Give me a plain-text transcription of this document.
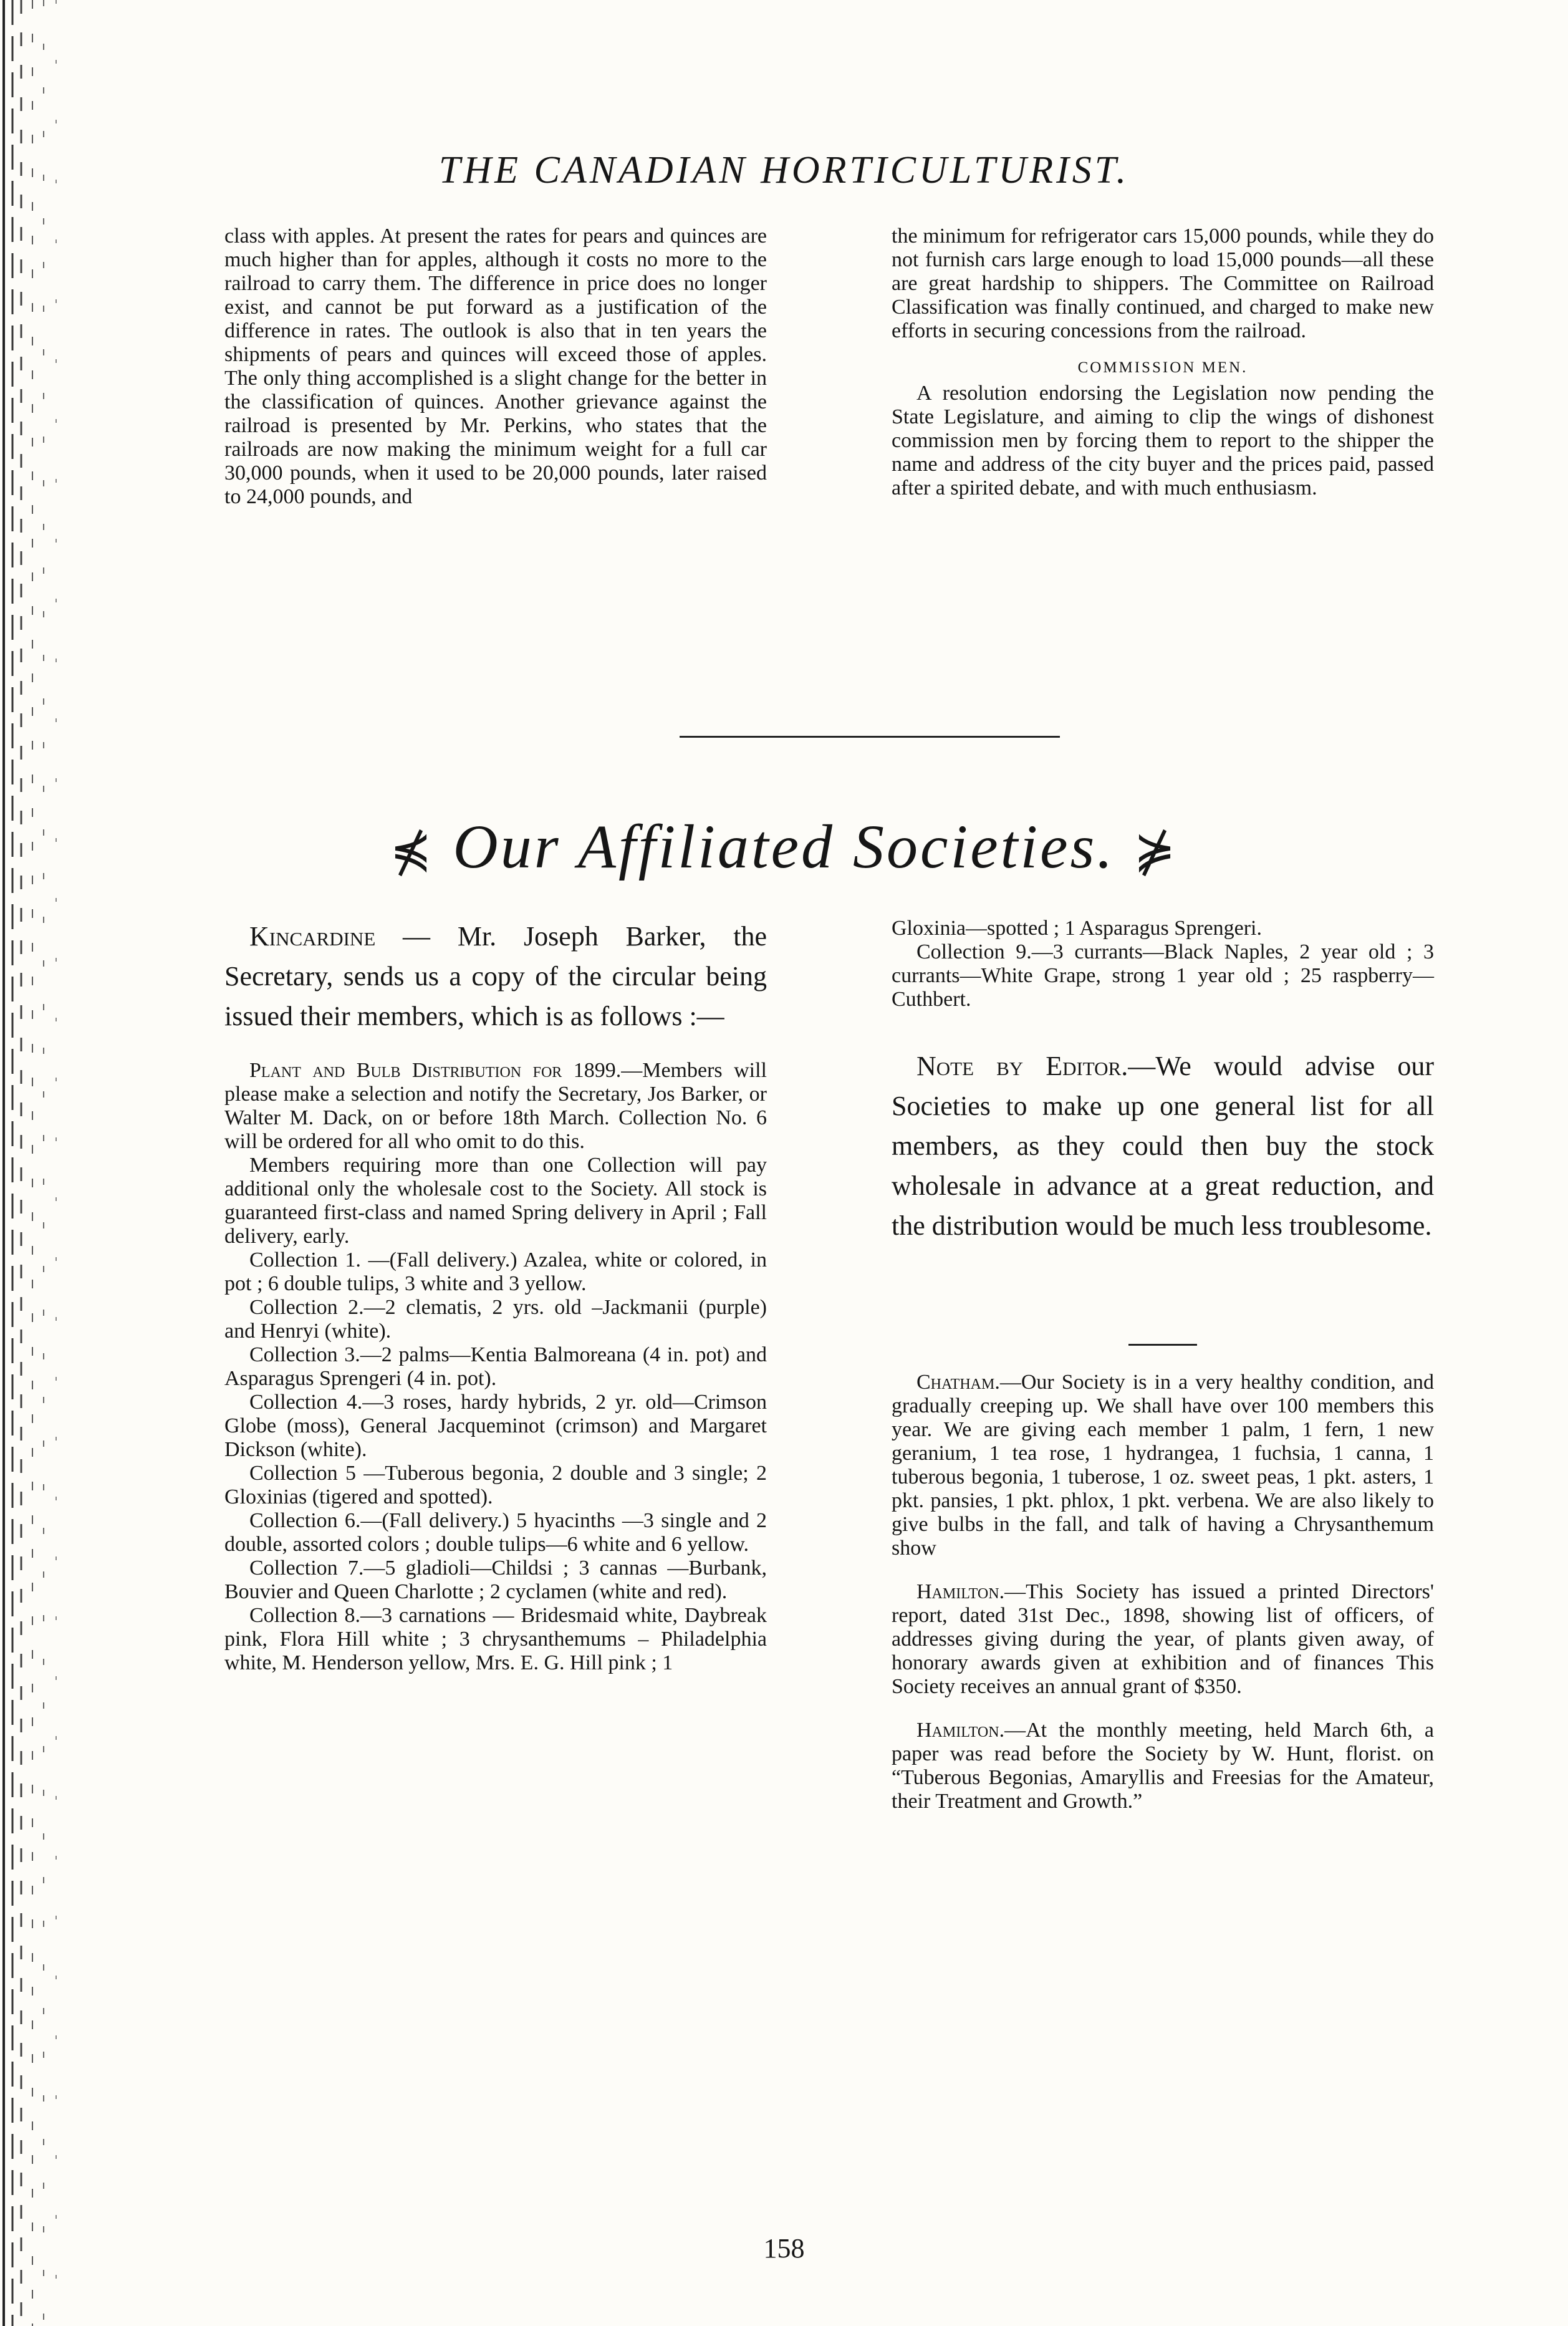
THE CANADIAN HORTICULTURIST.

class with apples. At present the rates for pears and quinces are much higher than for apples, although it costs no more to the railroad to carry them. The difference in price does no longer exist, and cannot be put forward as a justification of the difference in rates. The outlook is also that in ten years the shipments of pears and quinces will exceed those of apples. The only thing accomplished is a slight change for the better in the classification of quinces. Another grievance against the railroad is presented by Mr. Perkins, who states that the railroads are now making the minimum weight for a full car 30,000 pounds, when it used to be 20,000 pounds, later raised to 24,000 pounds, and

the minimum for refrigerator cars 15,000 pounds, while they do not furnish cars large enough to load 15,000 pounds—all these are great hardship to shippers. The Committee on Railroad Classification was finally continued, and charged to make new efforts in securing concessions from the railroad.

COMMISSION MEN.

A resolution endorsing the Legislation now pending the State Legislature, and aiming to clip the wings of dishonest commission men by forcing them to report to the shipper the name and address of the city buyer and the prices paid, passed after a spirited debate, and with much enthusiasm.

⋠ Our Affiliated Societies. ⋡

Kincardine — Mr. Joseph Barker, the Secretary, sends us a copy of the circular being issued their members, which is as follows :—

Plant and Bulb Distribution for 1899.—Members will please make a selection and notify the Secretary, Jos Barker, or Walter M. Dack, on or before 18th March. Collection No. 6 will be ordered for all who omit to do this.

Members requiring more than one Collection will pay additional only the wholesale cost to the Society. All stock is guaranteed first-class and named Spring delivery in April ; Fall delivery, early.

Collection 1. —(Fall delivery.) Azalea, white or colored, in pot ; 6 double tulips, 3 white and 3 yellow.

Collection 2.—2 clematis, 2 yrs. old –Jackmanii (purple) and Henryi (white).

Collection 3.—2 palms—Kentia Balmoreana (4 in. pot) and Asparagus Sprengeri (4 in. pot).

Collection 4.—3 roses, hardy hybrids, 2 yr. old—Crimson Globe (moss), General Jacqueminot (crimson) and Margaret Dickson (white).

Collection 5 —Tuberous begonia, 2 double and 3 single; 2 Gloxinias (tigered and spotted).

Collection 6.—(Fall delivery.) 5 hyacinths —3 single and 2 double, assorted colors ; double tulips—6 white and 6 yellow.

Collection 7.—5 gladioli—Childsi ; 3 cannas —Burbank, Bouvier and Queen Charlotte ; 2 cyclamen (white and red).

Collection 8.—3 carnations — Bridesmaid white, Daybreak pink, Flora Hill white ; 3 chrysanthemums – Philadelphia white, M. Henderson yellow, Mrs. E. G. Hill pink ; 1

Gloxinia—spotted ; 1 Asparagus Sprengeri.

Collection 9.—3 currants—Black Naples, 2 year old ; 3 currants—White Grape, strong 1 year old ; 25 raspberry—Cuthbert.

Note by Editor.—We would advise our Societies to make up one general list for all members, as they could then buy the stock wholesale in advance at a great reduction, and the distribution would be much less troublesome.

Chatham.—Our Society is in a very healthy condition, and gradually creeping up. We shall have over 100 members this year. We are giving each member 1 palm, 1 fern, 1 new geranium, 1 tea rose, 1 hydrangea, 1 fuchsia, 1 canna, 1 tuberous begonia, 1 tuberose, 1 oz. sweet peas, 1 pkt. asters, 1 pkt. pansies, 1 pkt. phlox, 1 pkt. verbena. We are also likely to give bulbs in the fall, and talk of having a Chrysanthemum show

Hamilton.—This Society has issued a printed Directors' report, dated 31st Dec., 1898, showing list of officers, of addresses giving during the year, of plants given away, of honorary awards given at exhibition and of finances This Society receives an annual grant of $350.

Hamilton.—At the monthly meeting, held March 6th, a paper was read before the Society by W. Hunt, florist. on “Tuberous Begonias, Amaryllis and Freesias for the Amateur, their Treatment and Growth.”

158
